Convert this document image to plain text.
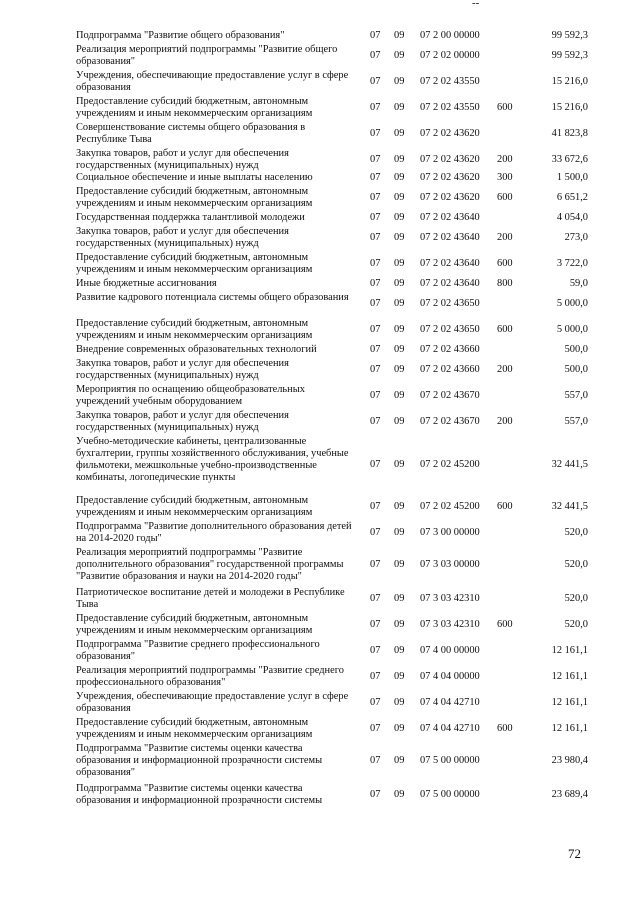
--
Подпрограмма "Развитие общего образования"	07 09 07 2 00 00000	99 592,3
Реализация мероприятий подпрограммы "Развитие общего образования"
07 09 07 2 02 00000	99 592,3
Учреждения, обеспечивающие предоставление услуг в сфере образования
07 09 07 2 02 43550	15 216,0
Предоставление субсидий бюджетным, автономным учреждениям и иным некоммерческим организациям
07 09 07 2 02 43550 600	15 216,0
Совершенствование системы общего образования в Республике Тыва
07 09 07 2 02 43620	41 823,8
Закупка товаров, работ и услуг для обеспечения государственных (муниципальных) нужд
07 09 07 2 02 43620 200	33 672,6
Социальное обеспечение и иные выплаты населению	07 09 07 2 02 43620 300	1 500,0
Предоставление субсидий бюджетным, автономным учреждениям и иным некоммерческим организациям
07 09 07 2 02 43620 600	6 651,2
Государственная поддержка талантливой молодежи	07 09 07 2 02 43640	4 054,0
Закупка товаров, работ и услуг для обеспечения государственных (муниципальных) нужд
07 09 07 2 02 43640 200	273,0
Предоставление субсидий бюджетным, автономным учреждениям и иным некоммерческим организациям
07 09 07 2 02 43640 600	3 722,0
Иные бюджетные ассигнования	07 09 07 2 02 43640 800	59,0
Развитие кадрового потенциала системы общего образования
07 09 07 2 02 43650	5 000,0
Предоставление субсидий бюджетным, автономным учреждениям и иным некоммерческим организациям
07 09 07 2 02 43650 600	5 000,0
Внедрение современных образовательных технологий	07 09 07 2 02 43660	500,0
Закупка товаров, работ и услуг для обеспечения государственных (муниципальных) нужд
07 09 07 2 02 43660 200	500,0
Мероприятия по оснащению общеобразовательных учреждений учебным оборудованием
07 09 07 2 02 43670	557,0
Закупка товаров, работ и услуг для обеспечения государственных (муниципальных) нужд
07 09 07 2 02 43670 200	557,0
Учебно-методические кабинеты, централизованные бухгалтерии, группы хозяйственного обслуживания, учебные фильмотеки, межшкольные учебно-производственные комбинаты, логопедические пункты
07 09 07 2 02 45200	32 441,5
Предоставление субсидий бюджетным, автономным учреждениям и иным некоммерческим организациям
07 09 07 2 02 45200 600	32 441,5
Подпрограмма "Развитие дополнительного образования детей на 2014-2020 годы"
07 09 07 3 00 00000	520,0
Реализация мероприятий подпрограммы "Развитие дополнительного образования" государственной программы "Развитие образования и науки на 2014-2020 годы"
07 09 07 3 03 00000	520,0
Патриотическое воспитание детей и молодежи в Республике Тыва
07 09 07 3 03 42310	520,0
Предоставление субсидий бюджетным, автономным учреждениям и иным некоммерческим организациям
07 09 07 3 03 42310 600	520,0
Подпрограмма "Развитие среднего профессионального образования"
07 09 07 4 00 00000	12 161,1
Реализация мероприятий подпрограммы "Развитие среднего профессионального образования"
07 09 07 4 04 00000	12 161,1
Учреждения, обеспечивающие предоставление услуг в сфере образования
07 09 07 4 04 42710	12 161,1
Предоставление субсидий бюджетным, автономным учреждениям и иным некоммерческим организациям
07 09 07 4 04 42710 600	12 161,1
Подпрограмма "Развитие системы оценки качества образования и информационной прозрачности системы образования"
07 09 07 5 00 00000	23 980,4
Подпрограмма "Развитие системы оценки качества образования и информационной прозрачности системы
07 09 07 5 00 00000	23 689,4
72
